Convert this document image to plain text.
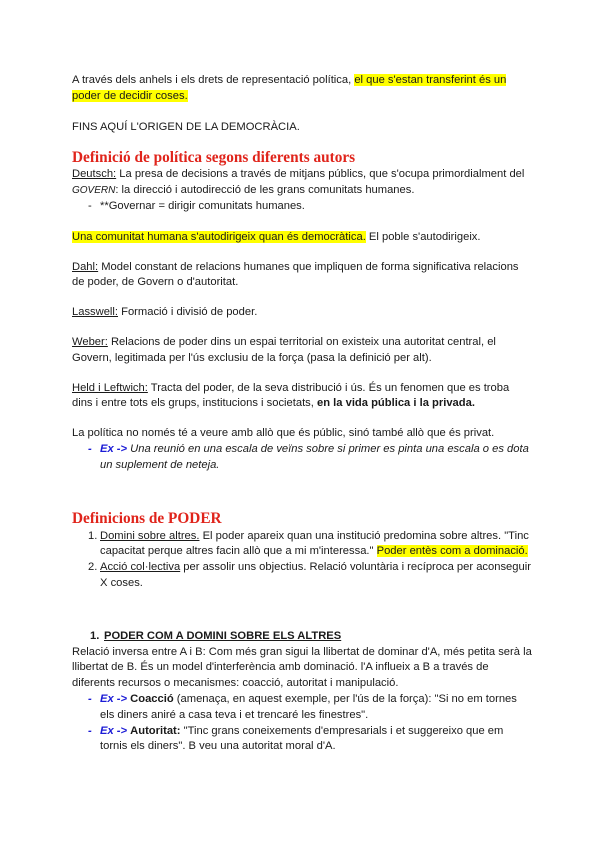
A través dels anhels i els drets de representació política, el que s'estan transferint és un poder de decidir coses.

FINS AQUÍ L'ORIGEN DE LA DEMOCRÀCIA.

Definició de política segons diferents autors

Deutsch: La presa de decisions a través de mitjans públics, que s'ocupa primordialment del GOVERN: la direcció i autodirecció de les grans comunitats humanes.

- **Governar = dirigir comunitats humanes.

Una comunitat humana s'autodirigeix quan és democràtica. El poble s'autodirigeix.

Dahl: Model constant de relacions humanes que impliquen de forma significativa relacions de poder, de Govern o d'autoritat.

Lasswell: Formació i divisió de poder.

Weber: Relacions de poder dins un espai territorial on existeix una autoritat central, el Govern, legitimada per l'ús exclusiu de la força (pasa la definició per alt).

Held i Leftwich: Tracta del poder, de la seva distribució i ús. És un fenomen que es troba dins i entre tots els grups, institucions i societats, en la vida pública i la privada.

La política no només té a veure amb allò que és públic, sinó també allò que és privat.

- Ex -> Una reunió en una escala de veïns sobre si primer es pinta una escala o es dota un suplement de neteja.
Definicions de PODER
1. Domini sobre altres. El poder apareix quan una institució predomina sobre altres. "Tinc capacitat perque altres facin allò que a mi m'interessa." Poder entès com a dominació.
2. Acció col·lectiva per assolir uns objectius. Relació voluntària i recíproca per aconseguir X coses.
1. PODER COM A DOMINI SOBRE ELS ALTRES

Relació inversa entre A i B: Com més gran sigui la llibertat de dominar d'A, més petita serà la llibertat de B. És un model d'interferència amb dominació. l'A influeix a B a través de diferents recursos o mecanismes: coacció, autoritat i manipulació.

- Ex -> Coacció (amenaça, en aquest exemple, per l'ús de la força): "Si no em tornes els diners aniré a casa teva i et trencaré les finestres".
- Ex -> Autoritat: "Tinc grans coneixements d'empresarials i et suggereixo que em tornis els diners". B veu una autoritat moral d'A.
